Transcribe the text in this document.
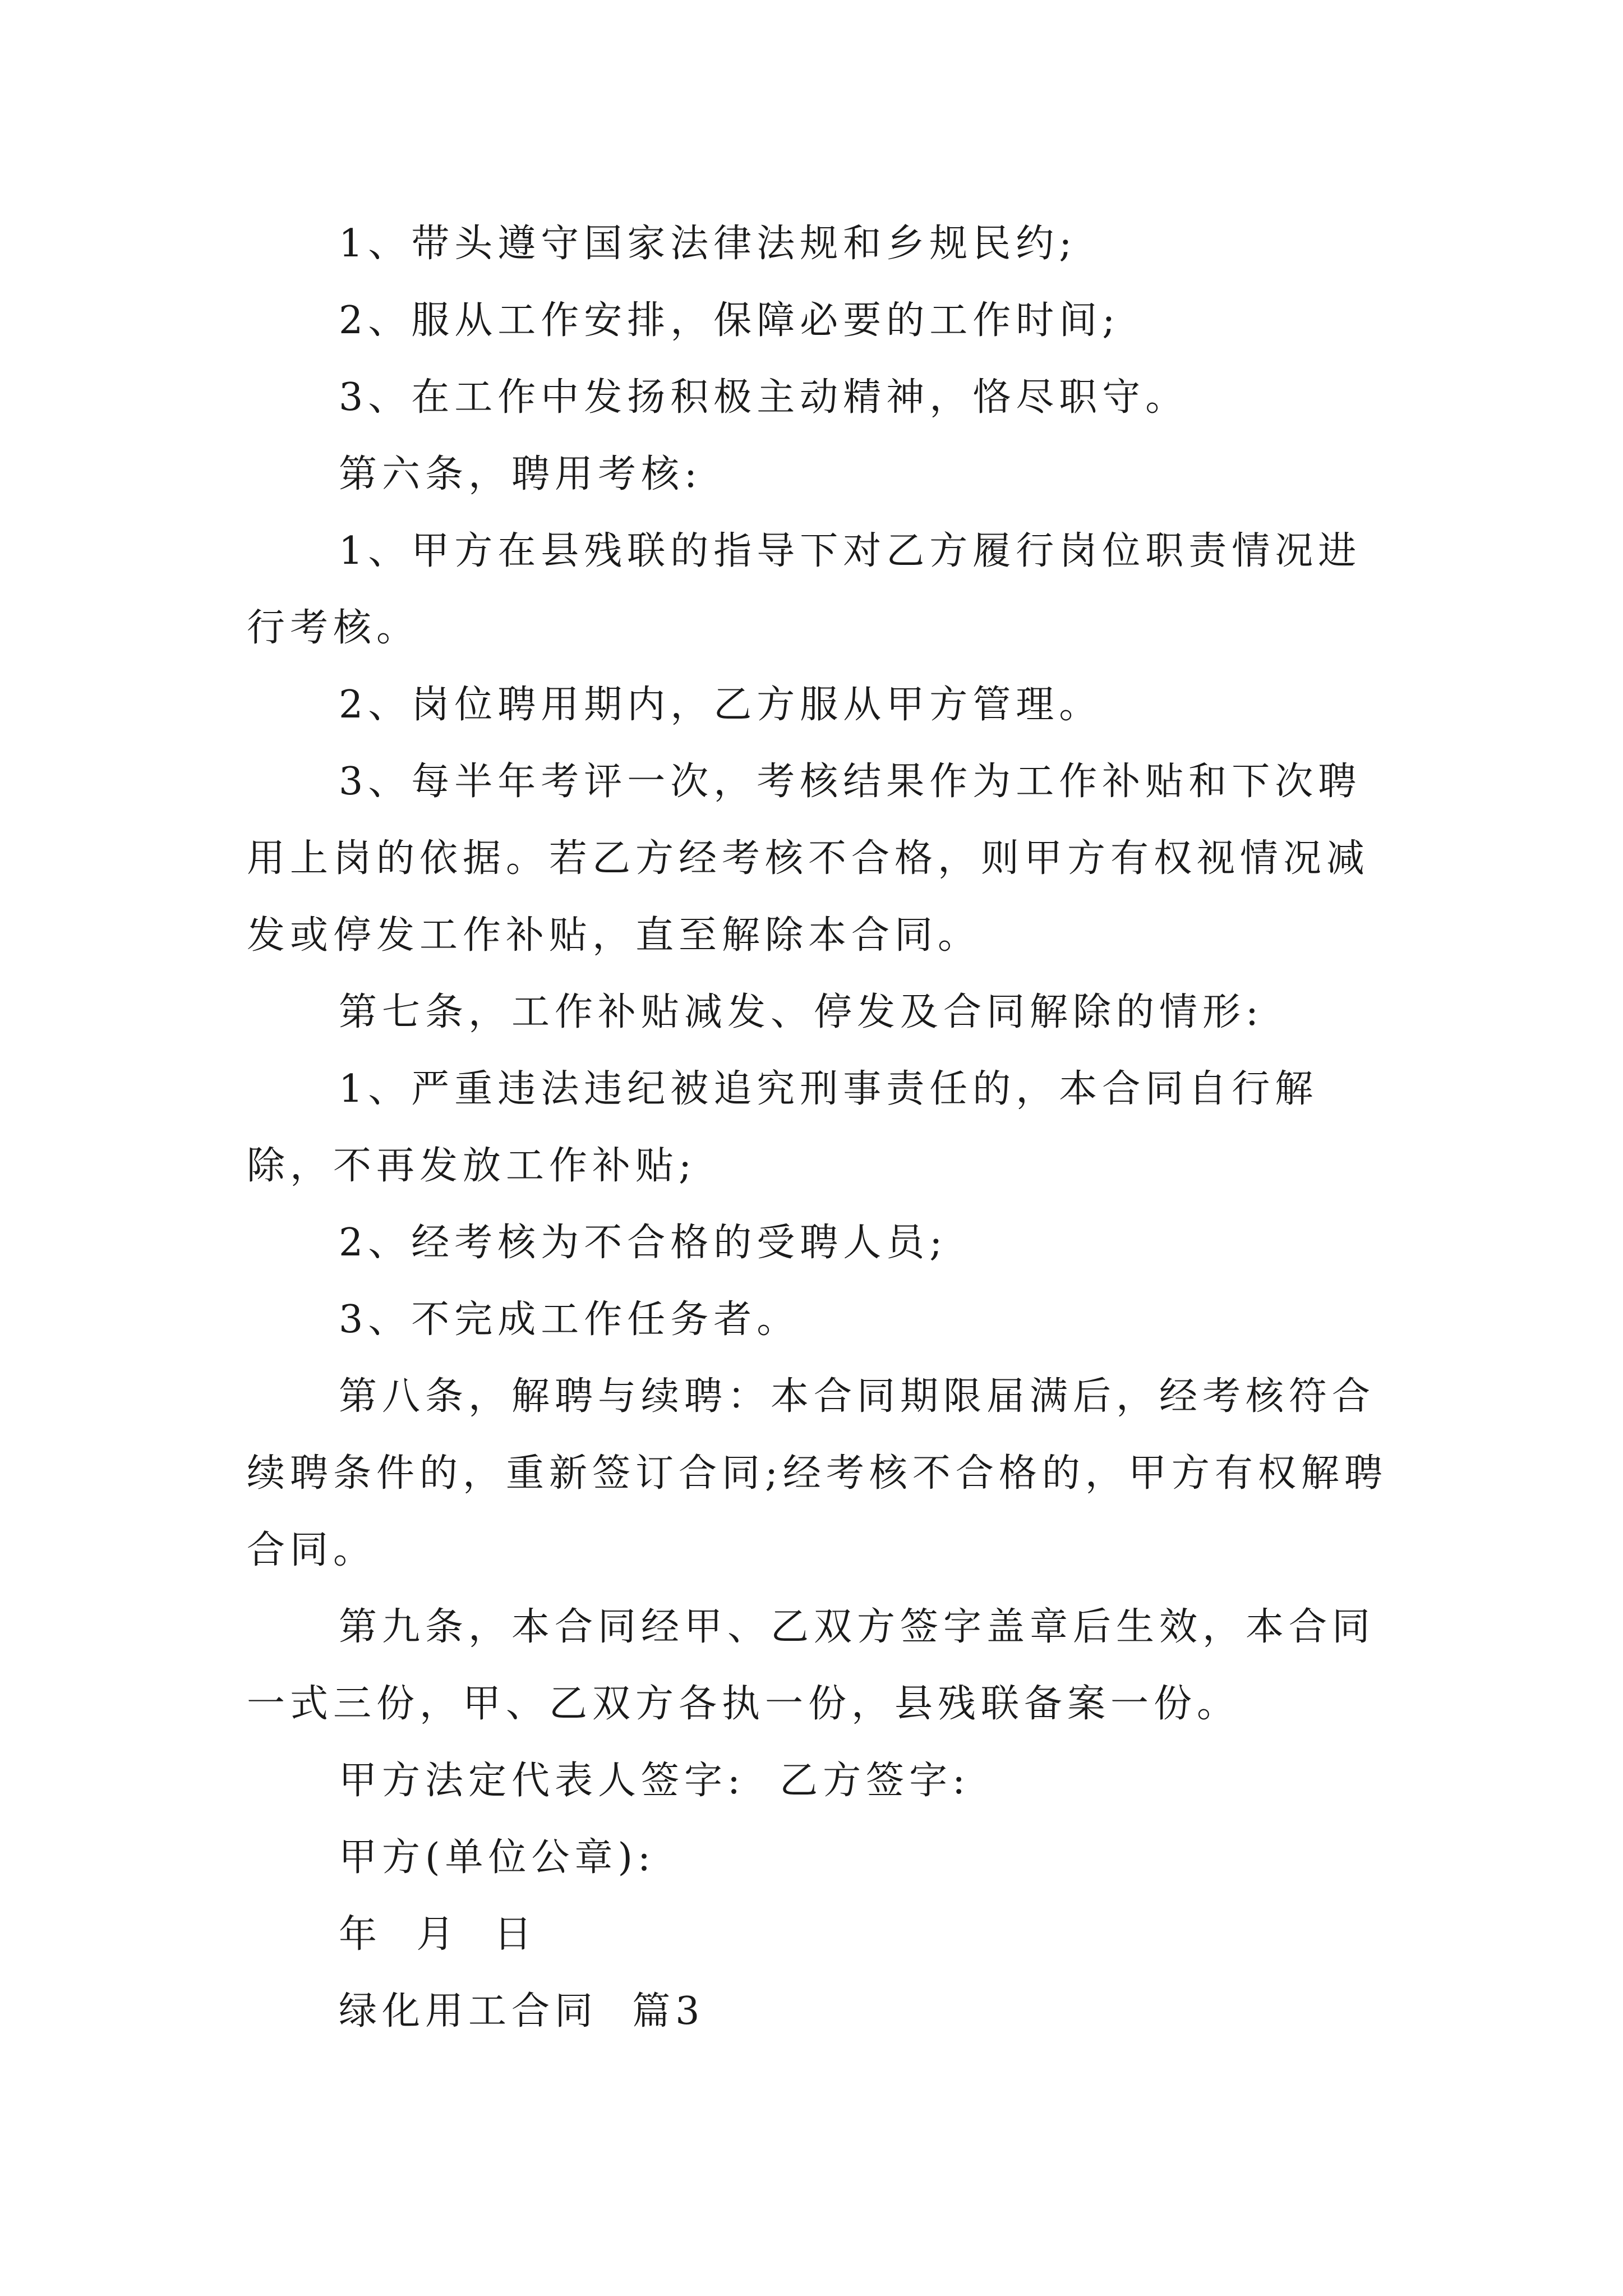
1、带头遵守国家法律法规和乡规民约;

2、服从工作安排，保障必要的工作时间;

3、在工作中发扬积极主动精神，恪尽职守。

第六条，聘用考核:

1、甲方在县残联的指导下对乙方履行岗位职责情况进行考核。

2、岗位聘用期内，乙方服从甲方管理。

3、每半年考评一次，考核结果作为工作补贴和下次聘用上岗的依据。若乙方经考核不合格，则甲方有权视情况减发或停发工作补贴，直至解除本合同。

第七条，工作补贴减发、停发及合同解除的情形:

1、严重违法违纪被追究刑事责任的，本合同自行解除，不再发放工作补贴;

2、经考核为不合格的受聘人员;

3、不完成工作任务者。

第八条，解聘与续聘：本合同期限届满后，经考核符合续聘条件的，重新签订合同;经考核不合格的，甲方有权解聘合同。

第九条，本合同经甲、乙双方签字盖章后生效，本合同一式三份，甲、乙双方各执一份，县残联备案一份。

甲方法定代表人签字:  乙方签字:

甲方(单位公章):

年  月  日

绿化用工合同  篇3
